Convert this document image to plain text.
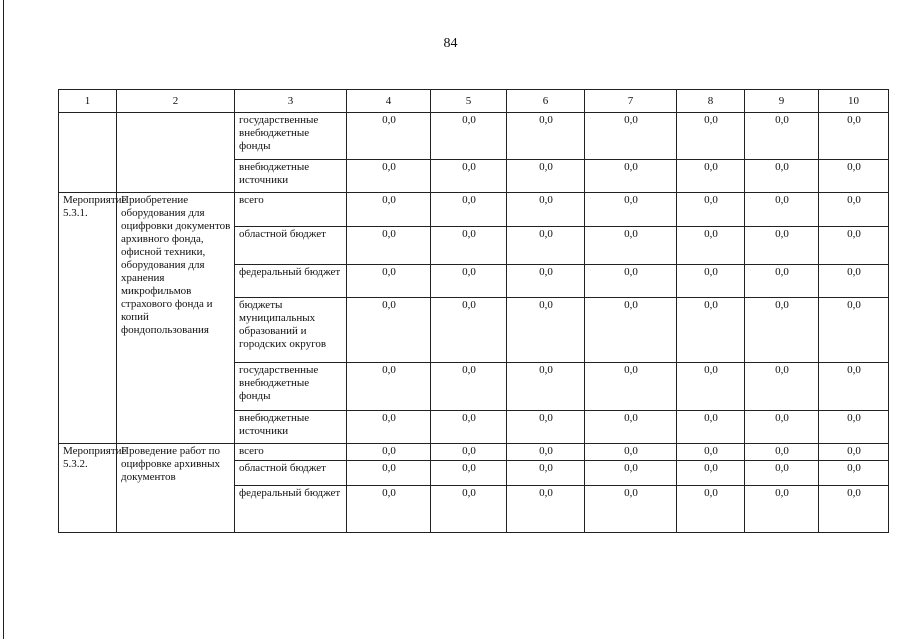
84
1	2	3	4	5	6	7	8	9	10
		государственные внебюджетные фонды	0,0	0,0	0,0	0,0	0,0	0,0	0,0
		внебюджетные источники	0,0	0,0	0,0	0,0	0,0	0,0	0,0
Мероприятие 5.3.1.	Приобретение оборудования для оцифровки документов архивного фонда, офисной техники, оборудования для хранения микрофильмов страхового фонда и копий фондопользования	всего	0,0	0,0	0,0	0,0	0,0	0,0	0,0
		областной бюджет	0,0	0,0	0,0	0,0	0,0	0,0	0,0
		федеральный бюджет	0,0	0,0	0,0	0,0	0,0	0,0	0,0
		бюджеты муниципальных образований и городских округов	0,0	0,0	0,0	0,0	0,0	0,0	0,0
		государственные внебюджетные фонды	0,0	0,0	0,0	0,0	0,0	0,0	0,0
		внебюджетные источники	0,0	0,0	0,0	0,0	0,0	0,0	0,0
Мероприятие 5.3.2.	Проведение работ по оцифровке архивных документов	всего	0,0	0,0	0,0	0,0	0,0	0,0	0,0
		областной бюджет	0,0	0,0	0,0	0,0	0,0	0,0	0,0
		федеральный бюджет	0,0	0,0	0,0	0,0	0,0	0,0	0,0
